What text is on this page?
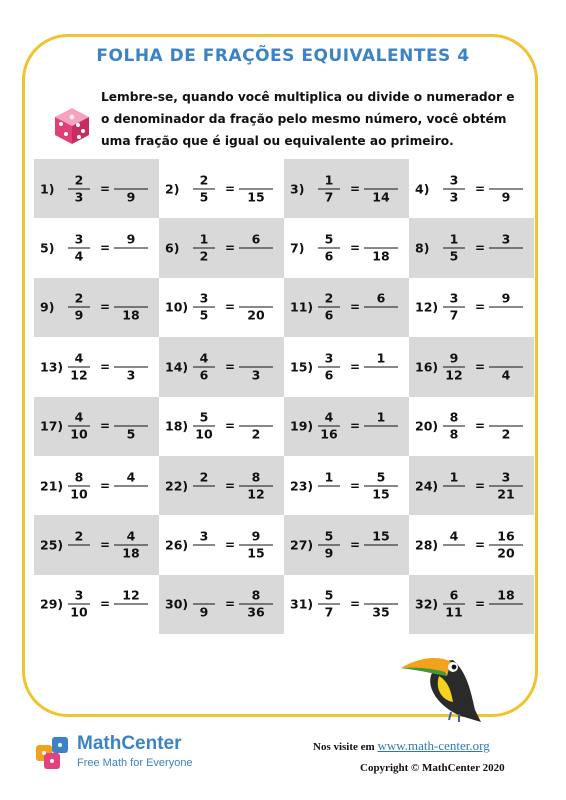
FOLHA DE FRAÇÕES EQUIVALENTES 4
Lembre-se, quando você multiplica ou divide o numerador e o denominador da fração pelo mesmo número, você obtém uma fração que é igual ou equivalente ao primeiro.
$1) \frac{2}{3}$ =
9
$2) \frac{2}{5}$ =
15
$3) \frac{1}{7}$ =
14
$4) \frac{3}{3}$ =
9
$5) \frac{3}{4}$ =
9
$6) \frac{1}{2}$ =
6
$7) \frac{5}{6}$ =
18
$8) \frac{1}{5}$ =
3
$9) \frac{2}{9}$ =
18
$10) \frac{3}{5}$ =
20
$11) \frac{2}{6}$ =
6
$12) \frac{3}{7}$ =
9
$13) \frac{4}{12}$ =
3
$14) \frac{4}{6}$ =
3
$15) \frac{3}{6}$ =
1
$16) \frac{9}{12}$ =
4
$17) \frac{4}{10}$ =
5
$18) \frac{5}{10}$ =
2
$19) \frac{4}{16}$ =
1
$20) \frac{8}{8}$ =
2
$21) \frac{8}{10}$ =
4
22)
2
= $\frac{8}{12} 23$)
1
= $\frac{5}{15} 24$)
1
= $\frac{3}{21}$
25)
2
= $\frac{4}{18} 26$)
3
= $\frac{9}{15} 27) \frac{5}{9}$ =
15
28)
4
= $\frac{16}{20}$
$29) \frac{3}{10}$ =
12
30)
9
= $\frac{8}{36} 31) \frac{5}{7}$ =
35
$32) \frac{6}{11}$ =
18
MathCenter
Free Math for Everyone
Nos visite em www.math-center.org
Copyright © MathCenter 2020
